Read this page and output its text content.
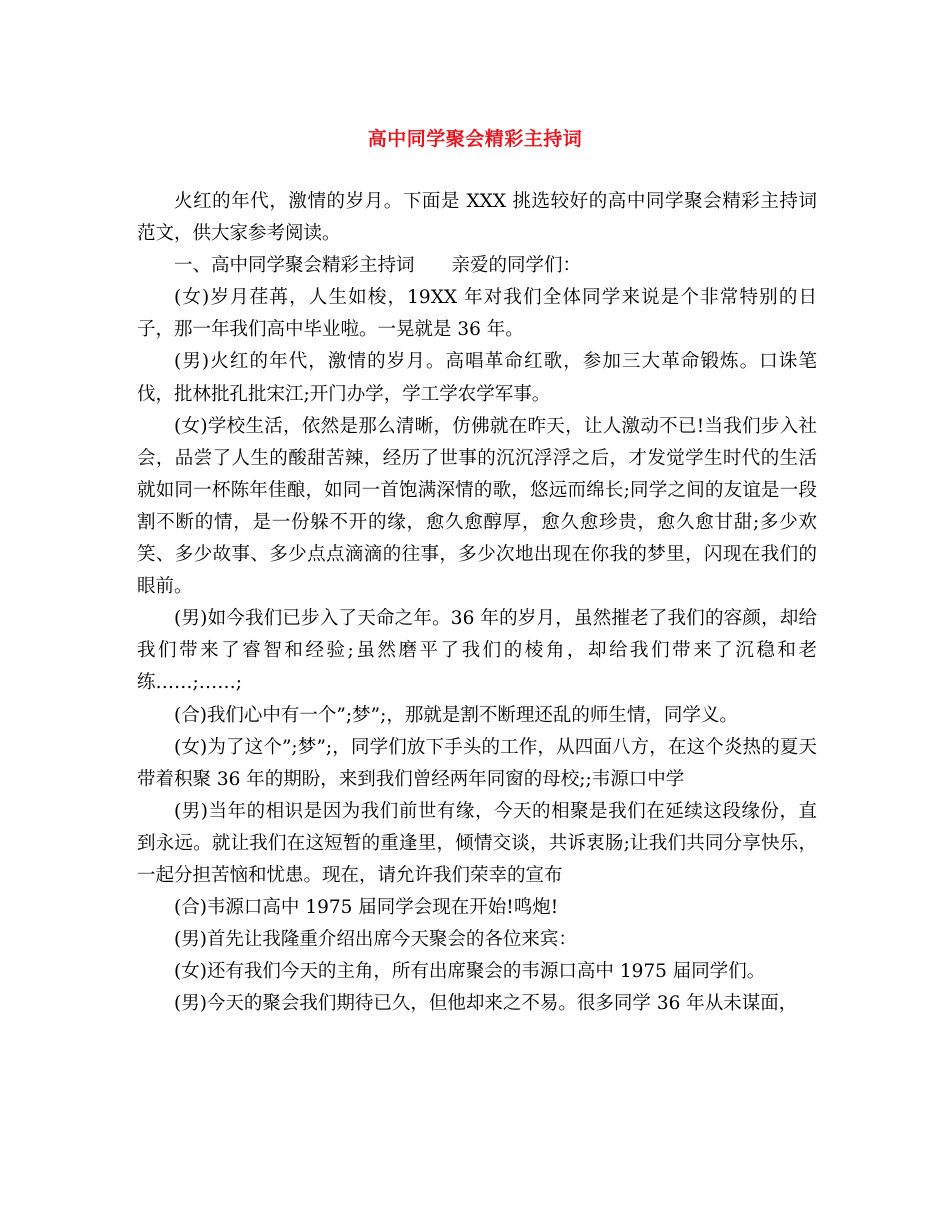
高中同学聚会精彩主持词

火红的年代，激情的岁月。下面是 XXX 挑选较好的高中同学聚会精彩主持词范文，供大家参考阅读。

一、高中同学聚会精彩主持词　　亲爱的同学们：

(女)岁月荏苒，人生如梭，19XX 年对我们全体同学来说是个非常特别的日子，那一年我们高中毕业啦。一晃就是 36 年。

(男)火红的年代，激情的岁月。高唱革命红歌，参加三大革命锻炼。口诛笔伐，批林批孔批宋江;开门办学，学工学农学军事。

(女)学校生活，依然是那么清晰，仿佛就在昨天，让人激动不已!当我们步入社会，品尝了人生的酸甜苦辣，经历了世事的沉沉浮浮之后，才发觉学生时代的生活就如同一杯陈年佳酿，如同一首饱满深情的歌，悠远而绵长;同学之间的友谊是一段割不断的情，是一份躲不开的缘，愈久愈醇厚，愈久愈珍贵，愈久愈甘甜;多少欢笑、多少故事、多少点点滴滴的往事，多少次地出现在你我的梦里，闪现在我们的眼前。

(男)如今我们已步入了天命之年。36 年的岁月，虽然摧老了我们的容颜，却给我们带来了睿智和经验;虽然磨平了我们的棱角，却给我们带来了沉稳和老练……;……;

(合)我们心中有一个”;梦”;，那就是割不断理还乱的师生情，同学义。

(女)为了这个”;梦”;，同学们放下手头的工作，从四面八方，在这个炎热的夏天带着积聚 36 年的期盼，来到我们曾经两年同窗的母校;;韦源口中学

(男)当年的相识是因为我们前世有缘，今天的相聚是我们在延续这段缘份，直到永远。就让我们在这短暂的重逢里，倾情交谈，共诉衷肠;让我们共同分享快乐，一起分担苦恼和忧患。现在，请允许我们荣幸的宣布

(合)韦源口高中 1975 届同学会现在开始!鸣炮!

(男)首先让我隆重介绍出席今天聚会的各位来宾：

(女)还有我们今天的主角，所有出席聚会的韦源口高中 1975 届同学们。

(男)今天的聚会我们期待已久，但他却来之不易。很多同学 36 年从未谋面，
